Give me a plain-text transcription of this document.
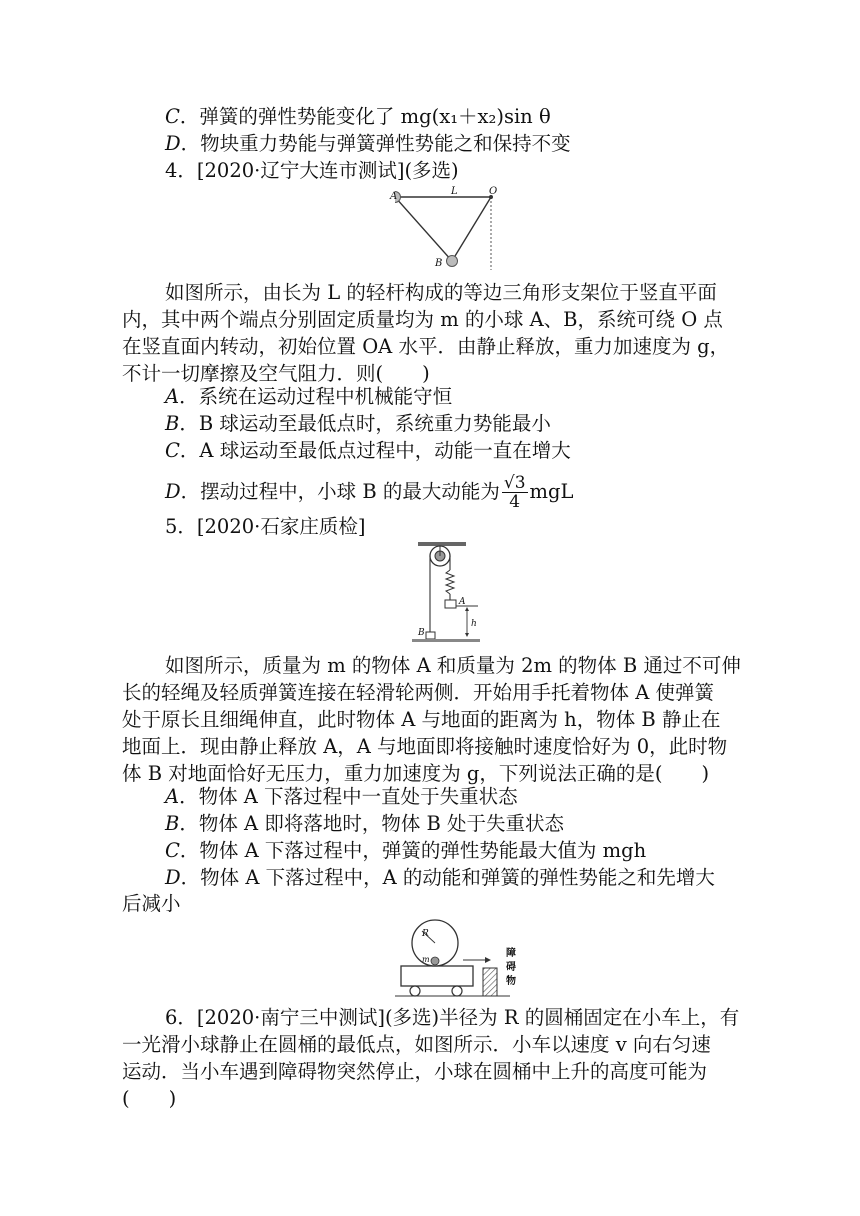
C．弹簧的弹性势能变化了 mg(x₁＋x₂)sin θ
D．物块重力势能与弹簧弹性势能之和保持不变
4．[2020·辽宁大连市测试](多选)
A	L	O
B
如图所示，由长为 L 的轻杆构成的等边三角形支架位于竖直平面
内，其中两个端点分别固定质量均为 m 的小球 A、B，系统可绕 O 点
在竖直面内转动，初始位置 OA 水平．由静止释放，重力加速度为 g，
不计一切摩擦及空气阻力．则(　　)
A．系统在运动过程中机械能守恒
B．B 球运动至最低点时，系统重力势能最小
C．A 球运动至最低点过程中，动能一直在增大
D．摆动过程中，小球 B 的最大动能为 $\frac{√3}{4}$ mgL
5．[2020·石家庄质检]
A
h
B
如图所示，质量为 m 的物体 A 和质量为 2m 的物体 B 通过不可伸
长的轻绳及轻质弹簧连接在轻滑轮两侧．开始用手托着物体 A 使弹簧
处于原长且细绳伸直，此时物体 A 与地面的距离为 h，物体 B 静止在
地面上．现由静止释放 A，A 与地面即将接触时速度恰好为 0，此时物
体 B 对地面恰好无压力，重力加速度为 g，下列说法正确的是(　　)
A．物体 A 下落过程中一直处于失重状态
B．物体 A 即将落地时，物体 B 处于失重状态
C．物体 A 下落过程中，弹簧的弹性势能最大值为 mgh
D．物体 A 下落过程中，A 的动能和弹簧的弹性势能之和先增大
后减小
R
m
障
碍
物
6．[2020·南宁三中测试](多选)半径为 R 的圆桶固定在小车上，有
一光滑小球静止在圆桶的最低点，如图所示．小车以速度 v 向右匀速
运动．当小车遇到障碍物突然停止，小球在圆桶中上升的高度可能为
(　　)
